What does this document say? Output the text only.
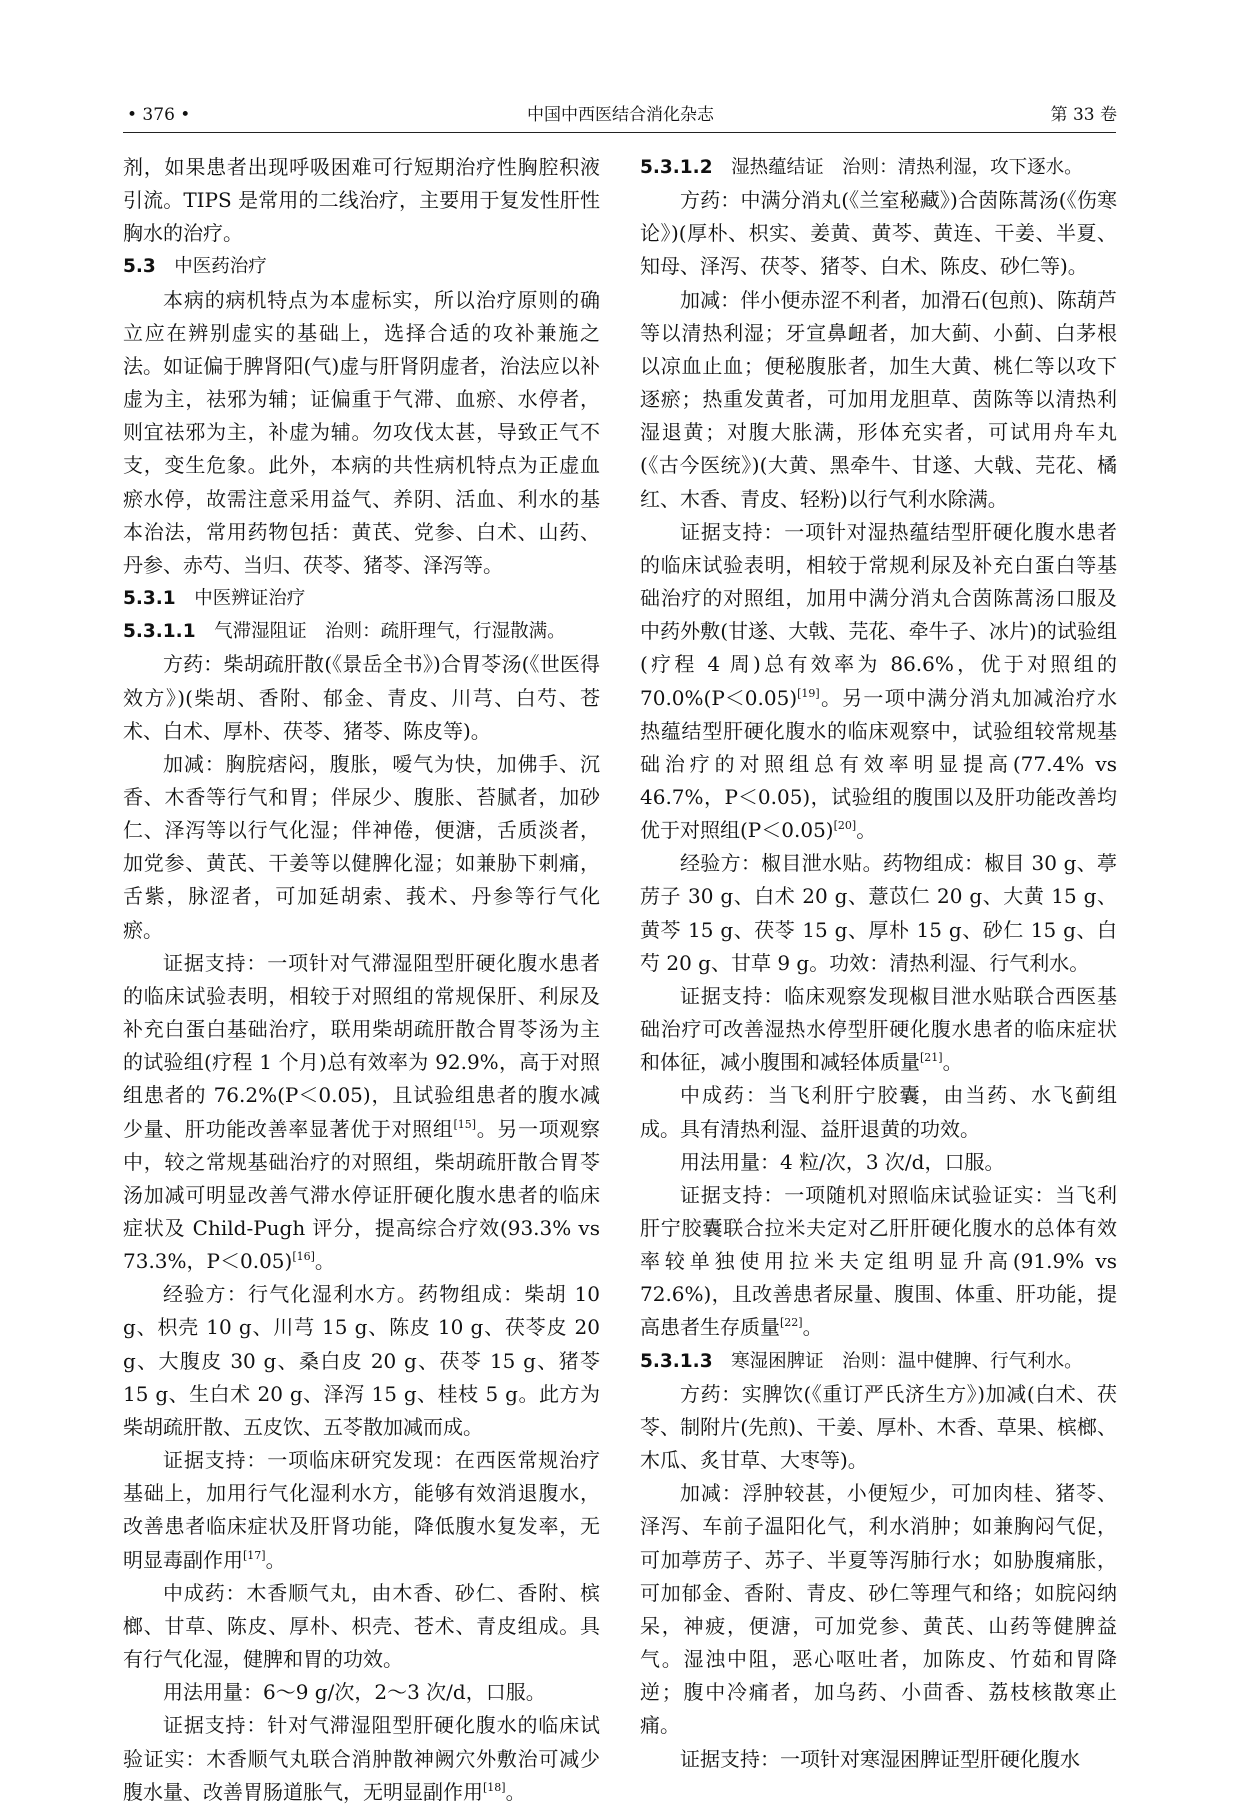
• 376 •	中国中西医结合消化杂志	第 33 卷
剂，如果患者出现呼吸困难可行短期治疗性胸腔积液引流。TIPS 是常用的二线治疗，主要用于复发性肝性胸水的治疗。
5.3　 中医药治疗
本病的病机特点为本虚标实，所以治疗原则的确立应在辨别虚实的基础上，选择合适的攻补兼施之法。如证偏于脾肾阳(气)虚与肝肾阴虚者，治法应以补虚为主，祛邪为辅；证偏重于气滞、血瘀、水停者，则宜祛邪为主，补虚为辅。勿攻伐太甚，导致正气不支，变生危象。此外，本病的共性病机特点为正虚血瘀水停，故需注意采用益气、养阴、活血、利水的基本治法，常用药物包括：黄芪、党参、白术、山药、丹参、赤芍、当归、茯苓、猪苓、泽泻等。
5.3.1　 中医辨证治疗
5.3.1.1　 气滞湿阻证　治则：疏肝理气，行湿散满。
方药：柴胡疏肝散(《景岳全书》)合胃苓汤(《世医得效方》)(柴胡、香附、郁金、青皮、川芎、白芍、苍术、白术、厚朴、茯苓、猪苓、陈皮等)。
加减：胸脘痞闷，腹胀，嗳气为快，加佛手、沉香、木香等行气和胃；伴尿少、腹胀、苔腻者，加砂仁、泽泻等以行气化湿；伴神倦，便溏，舌质淡者，加党参、黄芪、干姜等以健脾化湿；如兼胁下刺痛，舌紫，脉涩者，可加延胡索、莪术、丹参等行气化瘀。
证据支持：一项针对气滞湿阻型肝硬化腹水患者的临床试验表明，相较于对照组的常规保肝、利尿及补充白蛋白基础治疗，联用柴胡疏肝散合胃苓汤为主的试验组(疗程 1 个月)总有效率为 92.9%，高于对照组患者的 76.2%(P＜0.05)，且试验组患者的腹水减少量、肝功能改善率显著优于对照组[15]。另一项观察中，较之常规基础治疗的对照组，柴胡疏肝散合胃苓汤加减可明显改善气滞水停证肝硬化腹水患者的临床症状及 Child-Pugh 评分，提高综合疗效(93.3% vs 73.3%，P＜0.05)[16]。
经验方：行气化湿利水方。药物组成：柴胡 10 g、枳壳 10 g、川芎 15 g、陈皮 10 g、茯苓皮 20 g、大腹皮 30 g、桑白皮 20 g、茯苓 15 g、猪苓 15 g、生白术 20 g、泽泻 15 g、桂枝 5 g。此方为柴胡疏肝散、五皮饮、五苓散加减而成。
证据支持：一项临床研究发现：在西医常规治疗基础上，加用行气化湿利水方，能够有效消退腹水，改善患者临床症状及肝肾功能，降低腹水复发率，无明显毒副作用[17]。
中成药：木香顺气丸，由木香、砂仁、香附、槟榔、甘草、陈皮、厚朴、枳壳、苍术、青皮组成。具有行气化湿，健脾和胃的功效。
用法用量：6～9 g/次，2～3 次/d，口服。
证据支持：针对气滞湿阻型肝硬化腹水的临床试验证实：木香顺气丸联合消肿散神阙穴外敷治可减少腹水量、改善胃肠道胀气，无明显副作用[18]。
5.3.1.2　 湿热蕴结证　治则：清热利湿，攻下逐水。
方药：中满分消丸(《兰室秘藏》)合茵陈蒿汤(《伤寒论》)(厚朴、枳实、姜黄、黄芩、黄连、干姜、半夏、知母、泽泻、茯苓、猪苓、白术、陈皮、砂仁等)。
加减：伴小便赤涩不利者，加滑石(包煎)、陈葫芦等以清热利湿；牙宣鼻衄者，加大蓟、小蓟、白茅根以凉血止血；便秘腹胀者，加生大黄、桃仁等以攻下逐瘀；热重发黄者，可加用龙胆草、茵陈等以清热利湿退黄；对腹大胀满，形体充实者，可试用舟车丸(《古今医统》)(大黄、黑牵牛、甘遂、大戟、芫花、橘红、木香、青皮、轻粉)以行气利水除满。
证据支持：一项针对湿热蕴结型肝硬化腹水患者的临床试验表明，相较于常规利尿及补充白蛋白等基础治疗的对照组，加用中满分消丸合茵陈蒿汤口服及中药外敷(甘遂、大戟、芫花、牵牛子、冰片)的试验组(疗程 4 周)总有效率为 86.6%，优于对照组的 70.0%(P＜0.05)[19]。另一项中满分消丸加减治疗水热蕴结型肝硬化腹水的临床观察中，试验组较常规基础治疗的对照组总有效率明显提高(77.4% vs 46.7%，P＜0.05)，试验组的腹围以及肝功能改善均优于对照组(P＜0.05)[20]。
经验方：椒目泄水贴。药物组成：椒目 30 g、葶苈子 30 g、白术 20 g、薏苡仁 20 g、大黄 15 g、黄芩 15 g、茯苓 15 g、厚朴 15 g、砂仁 15 g、白芍 20 g、甘草 9 g。功效：清热利湿、行气利水。
证据支持：临床观察发现椒目泄水贴联合西医基础治疗可改善湿热水停型肝硬化腹水患者的临床症状和体征，减小腹围和减轻体质量[21]。
中成药：当飞利肝宁胶囊，由当药、水飞蓟组成。具有清热利湿、益肝退黄的功效。
用法用量：4 粒/次，3 次/d，口服。
证据支持：一项随机对照临床试验证实：当飞利肝宁胶囊联合拉米夫定对乙肝肝硬化腹水的总体有效率较单独使用拉米夫定组明显升高(91.9% vs 72.6%)，且改善患者尿量、腹围、体重、肝功能，提高患者生存质量[22]。
5.3.1.3　 寒湿困脾证　治则：温中健脾、行气利水。
方药：实脾饮(《重订严氏济生方》)加减(白术、茯苓、制附片(先煎)、干姜、厚朴、木香、草果、槟榔、木瓜、炙甘草、大枣等)。
加减：浮肿较甚，小便短少，可加肉桂、猪苓、泽泻、车前子温阳化气，利水消肿；如兼胸闷气促，可加葶苈子、苏子、半夏等泻肺行水；如胁腹痛胀，可加郁金、香附、青皮、砂仁等理气和络；如脘闷纳呆，神疲，便溏，可加党参、黄芪、山药等健脾益气。湿浊中阻，恶心呕吐者，加陈皮、竹茹和胃降逆；腹中冷痛者，加乌药、小茴香、荔枝核散寒止痛。
证据支持：一项针对寒湿困脾证型肝硬化腹水
